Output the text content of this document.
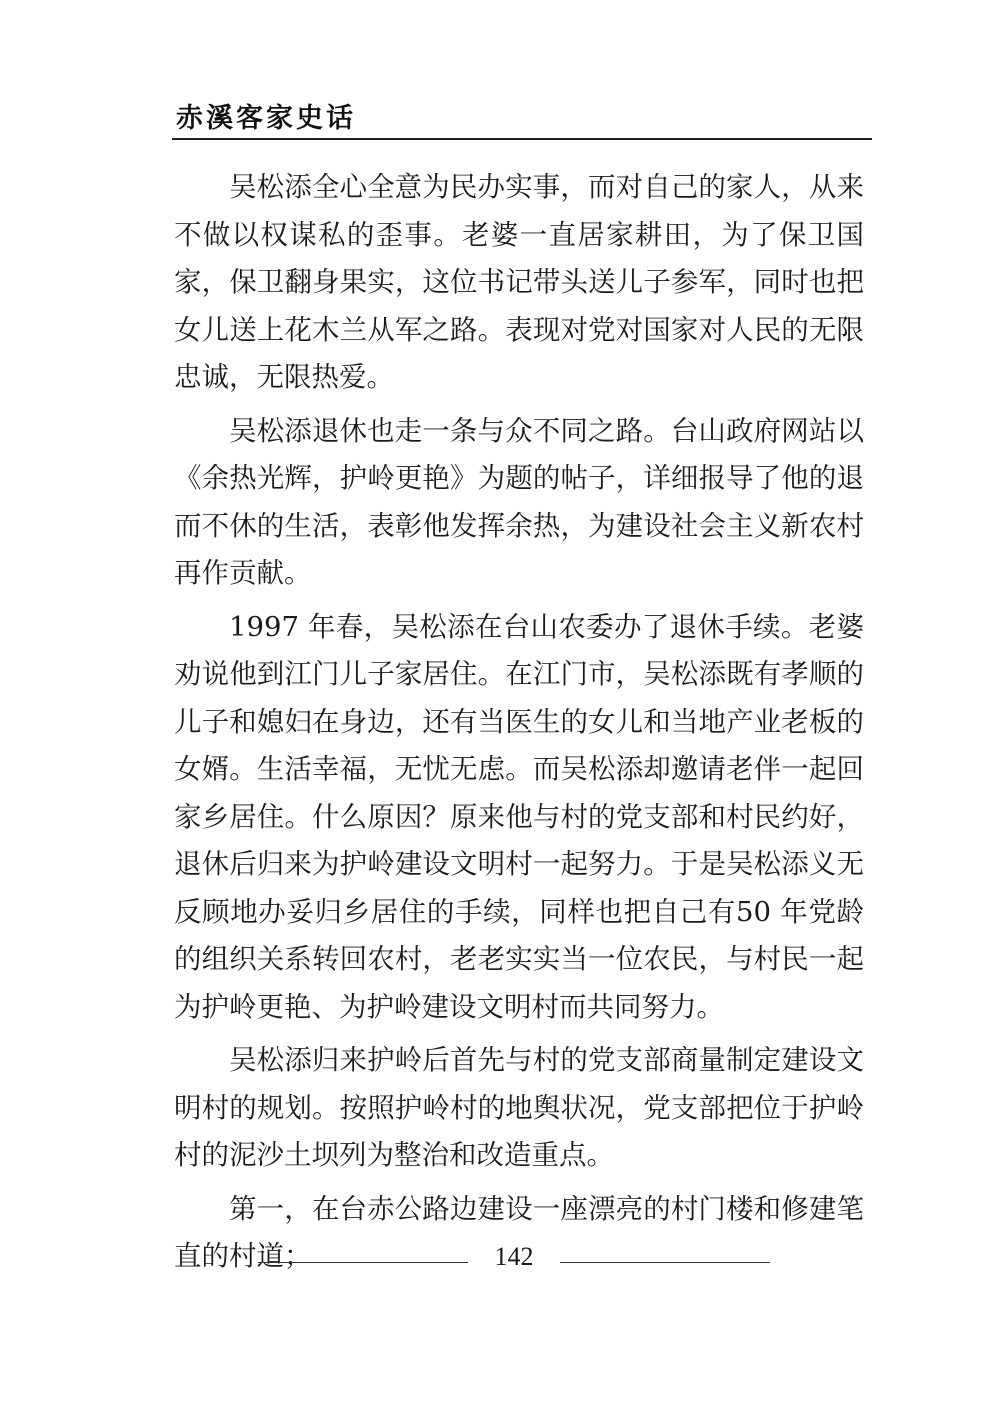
赤溪客家史话

吴松添全心全意为民办实事，而对自己的家人，从来不做以权谋私的歪事。老婆一直居家耕田，为了保卫国家，保卫翻身果实，这位书记带头送儿子参军，同时也把女儿送上花木兰从军之路。表现对党对国家对人民的无限忠诚，无限热爱。

吴松添退休也走一条与众不同之路。台山政府网站以《余热光辉，护岭更艳》为题的帖子，详细报导了他的退而不休的生活，表彰他发挥余热，为建设社会主义新农村再作贡献。

1997 年春，吴松添在台山农委办了退休手续。老婆劝说他到江门儿子家居住。在江门市，吴松添既有孝顺的儿子和媳妇在身边，还有当医生的女儿和当地产业老板的女婿。生活幸福，无忧无虑。而吴松添却邀请老伴一起回家乡居住。什么原因？原来他与村的党支部和村民约好，退休后归来为护岭建设文明村一起努力。于是吴松添义无反顾地办妥归乡居住的手续，同样也把自己有50 年党龄的组织关系转回农村，老老实实当一位农民，与村民一起为护岭更艳、为护岭建设文明村而共同努力。

吴松添归来护岭后首先与村的党支部商量制定建设文明村的规划。按照护岭村的地舆状况，党支部把位于护岭村的泥沙土坝列为整治和改造重点。

第一，在台赤公路边建设一座漂亮的村门楼和修建笔直的村道；	142
